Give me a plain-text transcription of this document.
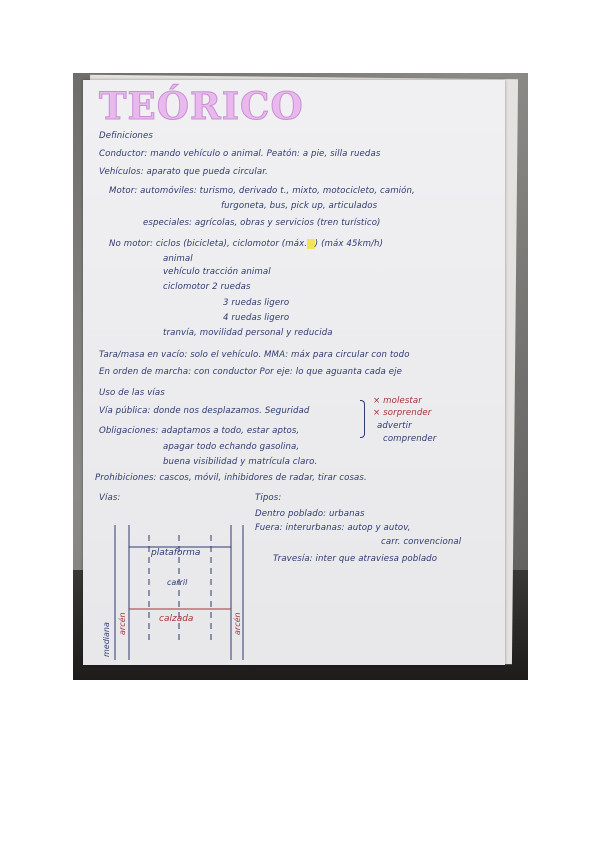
TEÓRICO
Definiciones
Conductor: mando vehículo o animal. Peatón: a pie, silla ruedas
Vehículos: aparato que pueda circular.
Motor: automóviles: turismo, derivado t., mixto, motocicleto, camión,
furgoneta, bus, pick up, articulados
especiales: agrícolas, obras y servicios (tren turístico)
No motor: ciclos (bicicleta), ciclomotor (máx. ) (máx 45km/h)
animal
vehículo tracción animal
ciclomotor 2 ruedas
3 ruedas ligero
4 ruedas ligero
tranvía, movilidad personal y reducida
Tara/masa en vacío: solo el vehículo. MMA: máx para circular con todo
En orden de marcha: con conductor Por eje: lo que aguanta cada eje
Uso de las vías
Vía pública: donde nos desplazamos. Seguridad
× molestar
× sorprender
advertir
comprender
Obligaciones: adaptamos a todo, estar aptos,
apagar todo echando gasolina,
buena visibilidad y matrícula claro.
Prohibiciones: cascos, móvil, inhibidores de radar, tirar cosas.
Vías:	Tipos:
Dentro poblado: urbanas
Fuera: interurbanas: autop y autov,
carr. convencional
Travesía: inter que atraviesa poblado
plataforma
carril
calzada
arcén	arcén
mediana
